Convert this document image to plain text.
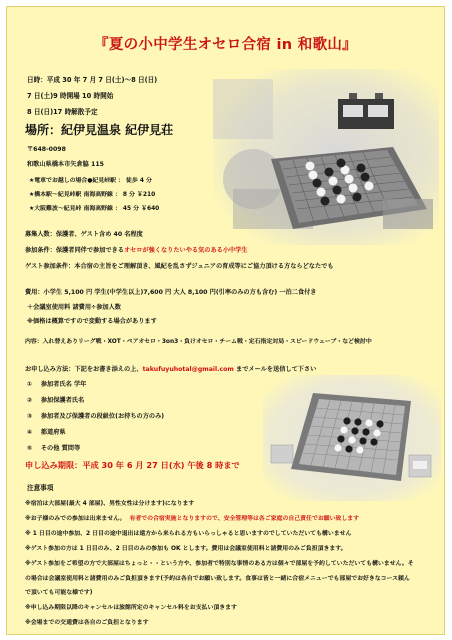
『夏の小中学生オセロ合宿 in 和歌山』
日時：平成 30 年 7 月 7 日(土)〜8 日(日)
7 日(土)9 時開場 10 時開始
8 日(日)17 時解散予定
場所：紀伊見温泉 紀伊見荘
〒648-0098
和歌山県橋本市矢倉脇 115
★電車でお越しの場合●紀見峠駅 ： 徒歩 4 分
★橋本駅〜紀見峠駅 南海高野線 ： 8 分 ￥210
★大阪難波〜紀見峠 南海高野線 ： 45 分 ￥640
募集人数：保護者、ゲスト含め 40 名程度
参加条件：保護者同伴で参加できるオセロが強くなりたいやる気のある小中学生
ゲスト参加条件：本合宿の主旨をご理解頂き、風紀を乱さずジュニアの育成等にご協力頂ける方ならどなたでも
費用：小学生 5,100 円 学生(中学生以上)7,600 円 大人 8,100 円(引率のみの方も含む) 一泊二食付き
＋会議室使用料 諸費用÷参加人数
※価格は概算ですので変動する場合があります
内容：入れ替えありリーグ戦・XOT・ペアオセロ・3on3・負けオセロ・チーム戦・定石指定対局・スピードウェーブ・など検討中
お申し込み方法：下記をお書き添えの上、takufuyuhotal@gmail.com までメールを送信して下さい
① 参加者氏名 学年
② 参加保護者氏名
③ 参加者及び保護者の段級位(お持ちの方のみ)
④ 都道府県
⑤ その他 質問等
申し込み期限：平成 30 年 6 月 27 日(水) 午後 8 時まで
注意事項
※宿泊は大部屋(最大 4 部屋)、男性女性は分けます)になります
※お子様のみでの参加は出来ません。 有者での合宿実施となりますので、安全管理等は各ご家庭の自己責任でお願い致します
※ 1 日目の途中参加、2 日目の途中退出は遠方から来られる方もいらっしゃると思いますのでしていただいても構いません
※ゲスト参加の方は 1 日目のみ、2 日目のみの参加も OK とします。費用は会議室使用料と諸費用のみご負担頂きます。
※ゲスト参加をご希望の方で大部屋はちょっと・・という方や、参加者で特別な事情のある方は個々で部屋を予約していただいても構いません。そ
の場合は会議室使用料と諸費用のみご負担頂きます(予約は各自でお願い致します。食事は皆と一緒に合宿メニューでも部屋でお好きなコース頼ん
で頂いても可能な様です)
※申し込み期限以降のキャンセルは旅館所定のキャンセル料をお支払い頂きます
※会場までの交通費は各自のご負担となります
